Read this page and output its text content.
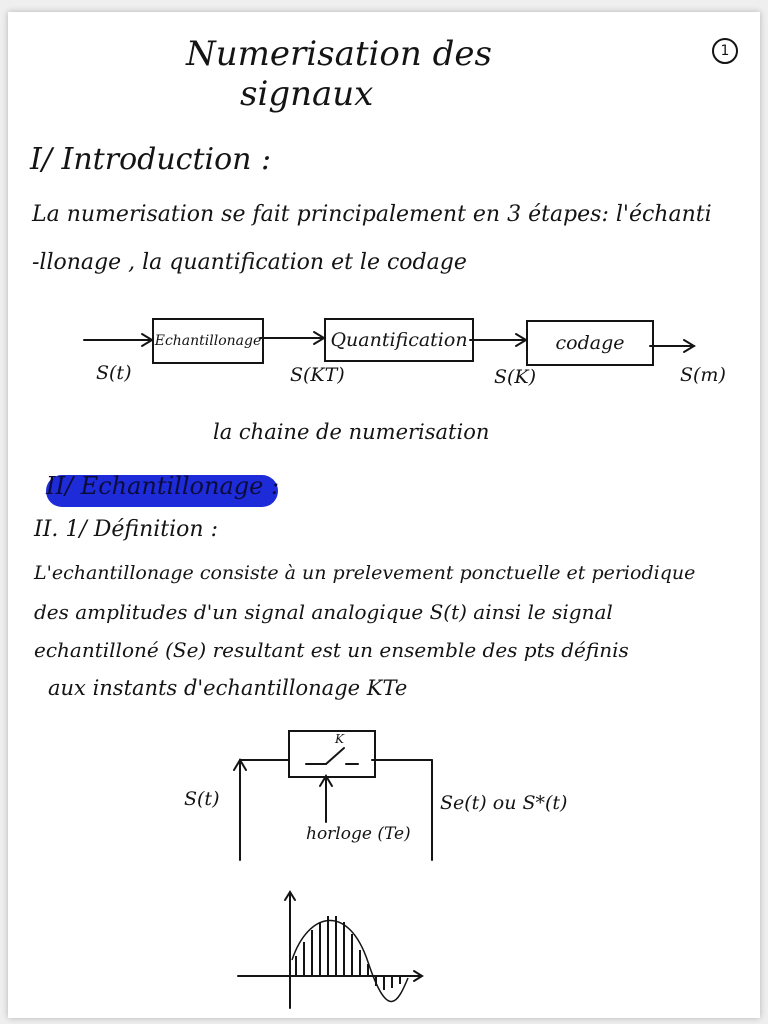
1
Numerisation des
signaux
I/ Introduction :
La numerisation se fait principalement en 3 étapes: l'échanti
-llonage , la quantification et le codage
Echantillonage	Quantification	codage
S(t)	S(KT)	S(K)	S(m)
la chaine de numerisation
II/ Echantillonage :
II. 1/ Définition :
L'echantillonage consiste à un prelevement ponctuelle et periodique
des amplitudes d'un signal analogique S(t) ainsi le signal
echantilloné (Se) resultant est un ensemble des pts définis
aux instants d'echantillonage KTe
K
S(t)	Se(t) ou S*(t)
horloge (Te)
